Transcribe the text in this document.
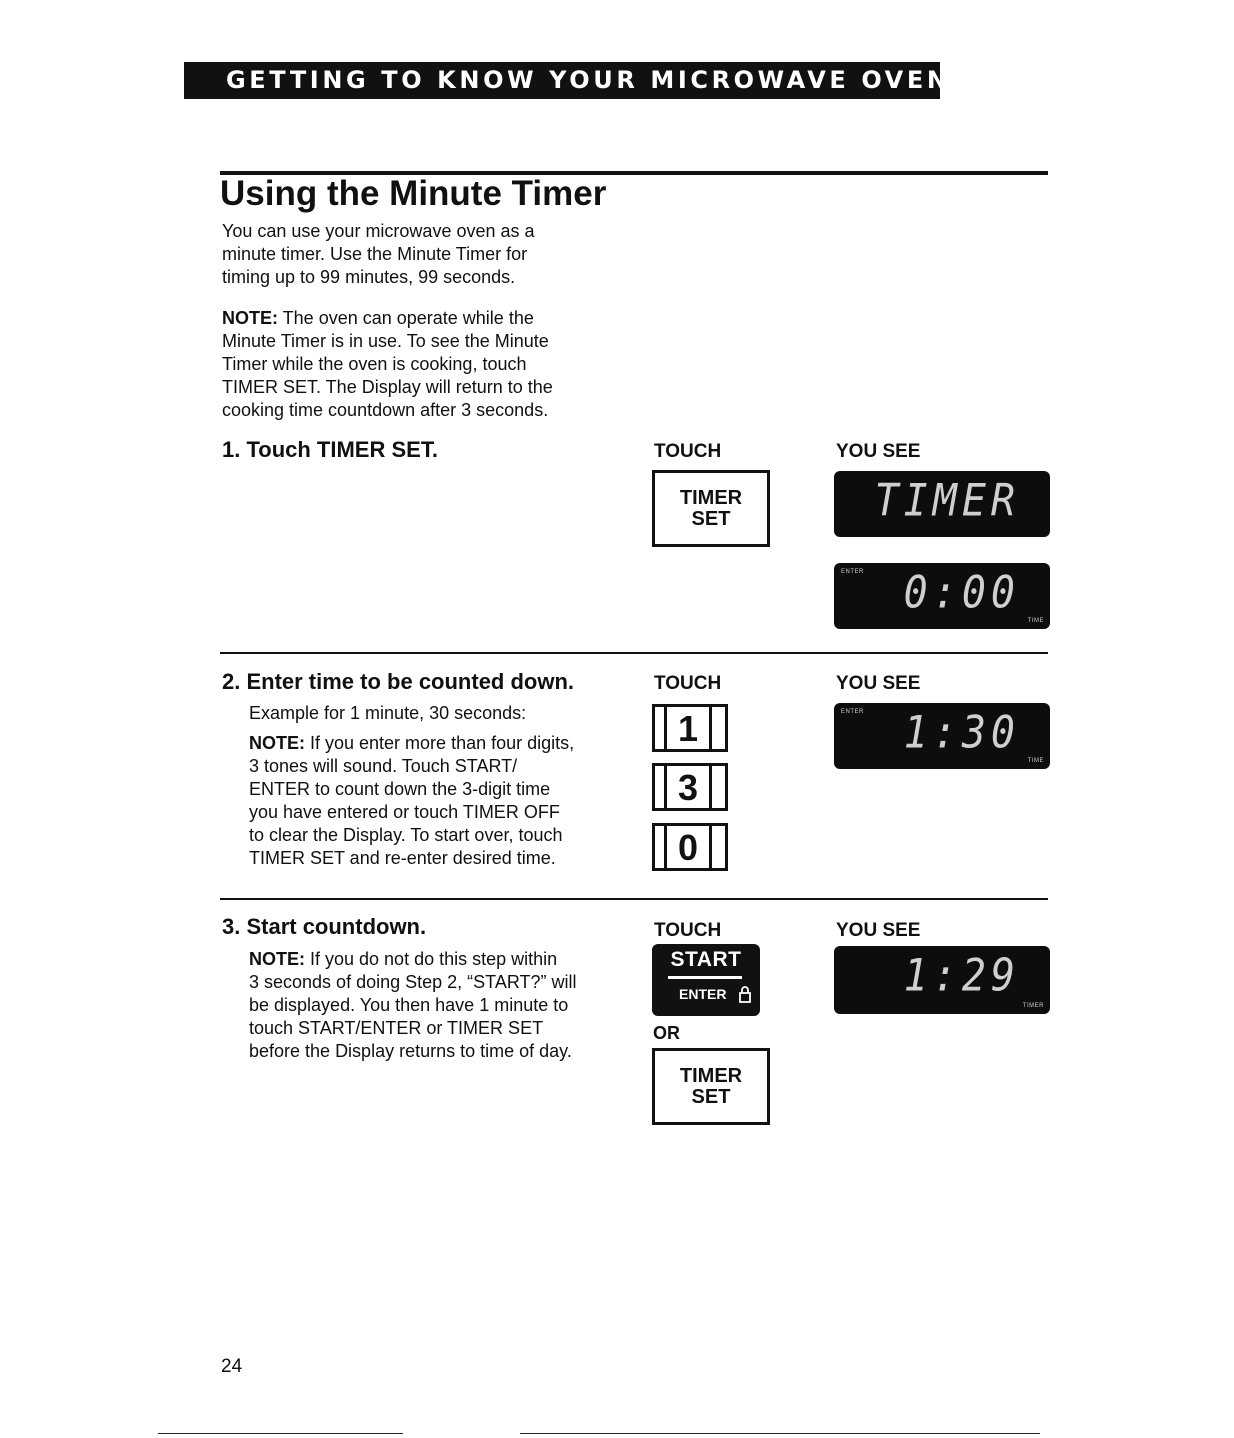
GETTING TO KNOW YOUR MICROWAVE OVEN
Using the Minute Timer
You can use your microwave oven as a
minute timer. Use the Minute Timer for
timing up to 99 minutes, 99 seconds.
NOTE: The oven can operate while the
Minute Timer is in use. To see the Minute
Timer while the oven is cooking, touch
TIMER SET. The Display will return to the
cooking time countdown after 3 seconds.
1. Touch TIMER SET.	TOUCH	YOU SEE
TIMER
SET	TIMER
ENTER 0:00
TIME
2. Enter time to be counted down.	TOUCH	YOU SEE
Example for 1 minute, 30 seconds:
NOTE: If you enter more than four digits,
3 tones will sound. Touch START/
ENTER to count down the 3-digit time
you have entered or touch TIMER OFF
to clear the Display. To start over, touch
TIMER SET and re-enter desired time.
1
3
0
ENTER 1:30
TIME
3. Start countdown.	TOUCH	YOU SEE
NOTE: If you do not do this step within
3 seconds of doing Step 2, “START?” will
be displayed. You then have 1 minute to
touch START/ENTER or TIMER SET
before the Display returns to time of day.
START
ENTER
OR
TIMER
SET
1:29
TIMER
24
